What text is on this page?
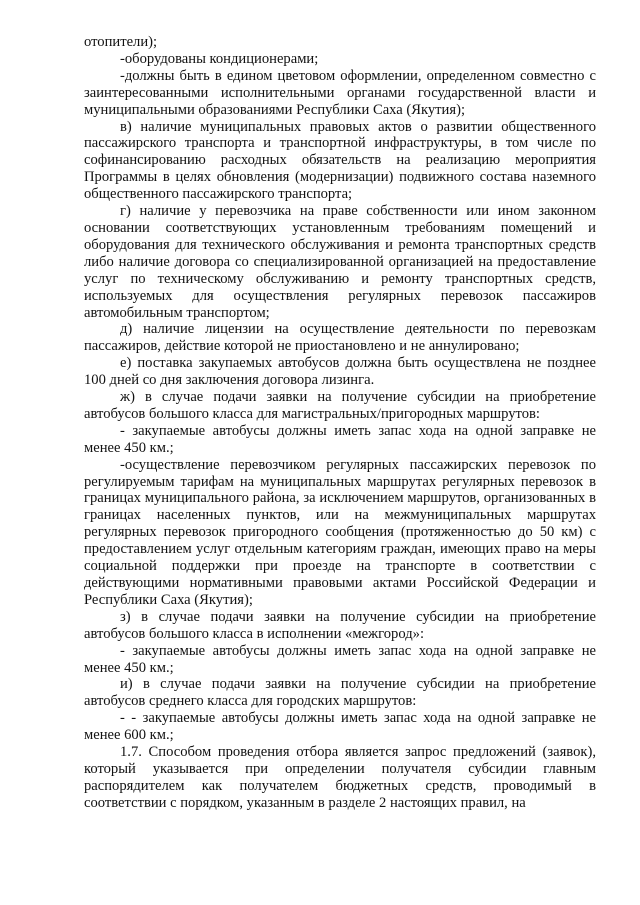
отопители);

-оборудованы кондиционерами;

-должны быть в едином цветовом оформлении, определенном совместно с заинтересованными исполнительными органами государственной власти и муниципальными образованиями Республики Саха (Якутия);

в) наличие муниципальных правовых актов о развитии общественного пассажирского транспорта и транспортной инфраструктуры, в том числе по софинансированию расходных обязательств на реализацию мероприятия Программы в целях обновления (модернизации) подвижного состава наземного общественного пассажирского транспорта;

г) наличие у перевозчика на праве собственности или ином законном основании соответствующих установленным требованиям помещений и оборудования для технического обслуживания и ремонта транспортных средств либо наличие договора со специализированной организацией на предоставление услуг по техническому обслуживанию и ремонту транспортных средств, используемых для осуществления регулярных перевозок пассажиров автомобильным транспортом;

д) наличие лицензии на осуществление деятельности по перевозкам пассажиров, действие которой не приостановлено и не аннулировано;

е) поставка закупаемых автобусов должна быть осуществлена не позднее 100 дней со дня заключения договора лизинга.

ж) в случае подачи заявки на получение субсидии на приобретение автобусов большого класса для магистральных/пригородных маршрутов:

- закупаемые автобусы должны иметь запас хода на одной заправке не менее 450 км.;

-осуществление перевозчиком регулярных пассажирских перевозок по регулируемым тарифам на муниципальных маршрутах регулярных перевозок в границах муниципального района, за исключением маршрутов, организованных в границах населенных пунктов, или на межмуниципальных маршрутах регулярных перевозок пригородного сообщения (протяженностью до 50 км) с предоставлением услуг отдельным категориям граждан, имеющих право на меры социальной поддержки при проезде на транспорте в соответствии с действующими нормативными правовыми актами Российской Федерации и Республики Саха (Якутия);

з) в случае подачи заявки на получение субсидии на приобретение автобусов большого класса в исполнении «межгород»:

- закупаемые автобусы должны иметь запас хода на одной заправке не менее 450 км.;

и) в случае подачи заявки на получение субсидии на приобретение автобусов среднего класса для городских маршрутов:

- - закупаемые автобусы должны иметь запас хода на одной заправке не менее 600 км.;

1.7. Способом проведения отбора является запрос предложений (заявок), который указывается при определении получателя субсидии главным распорядителем как получателем бюджетных средств, проводимый в соответствии с порядком, указанным в разделе 2 настоящих правил, на
